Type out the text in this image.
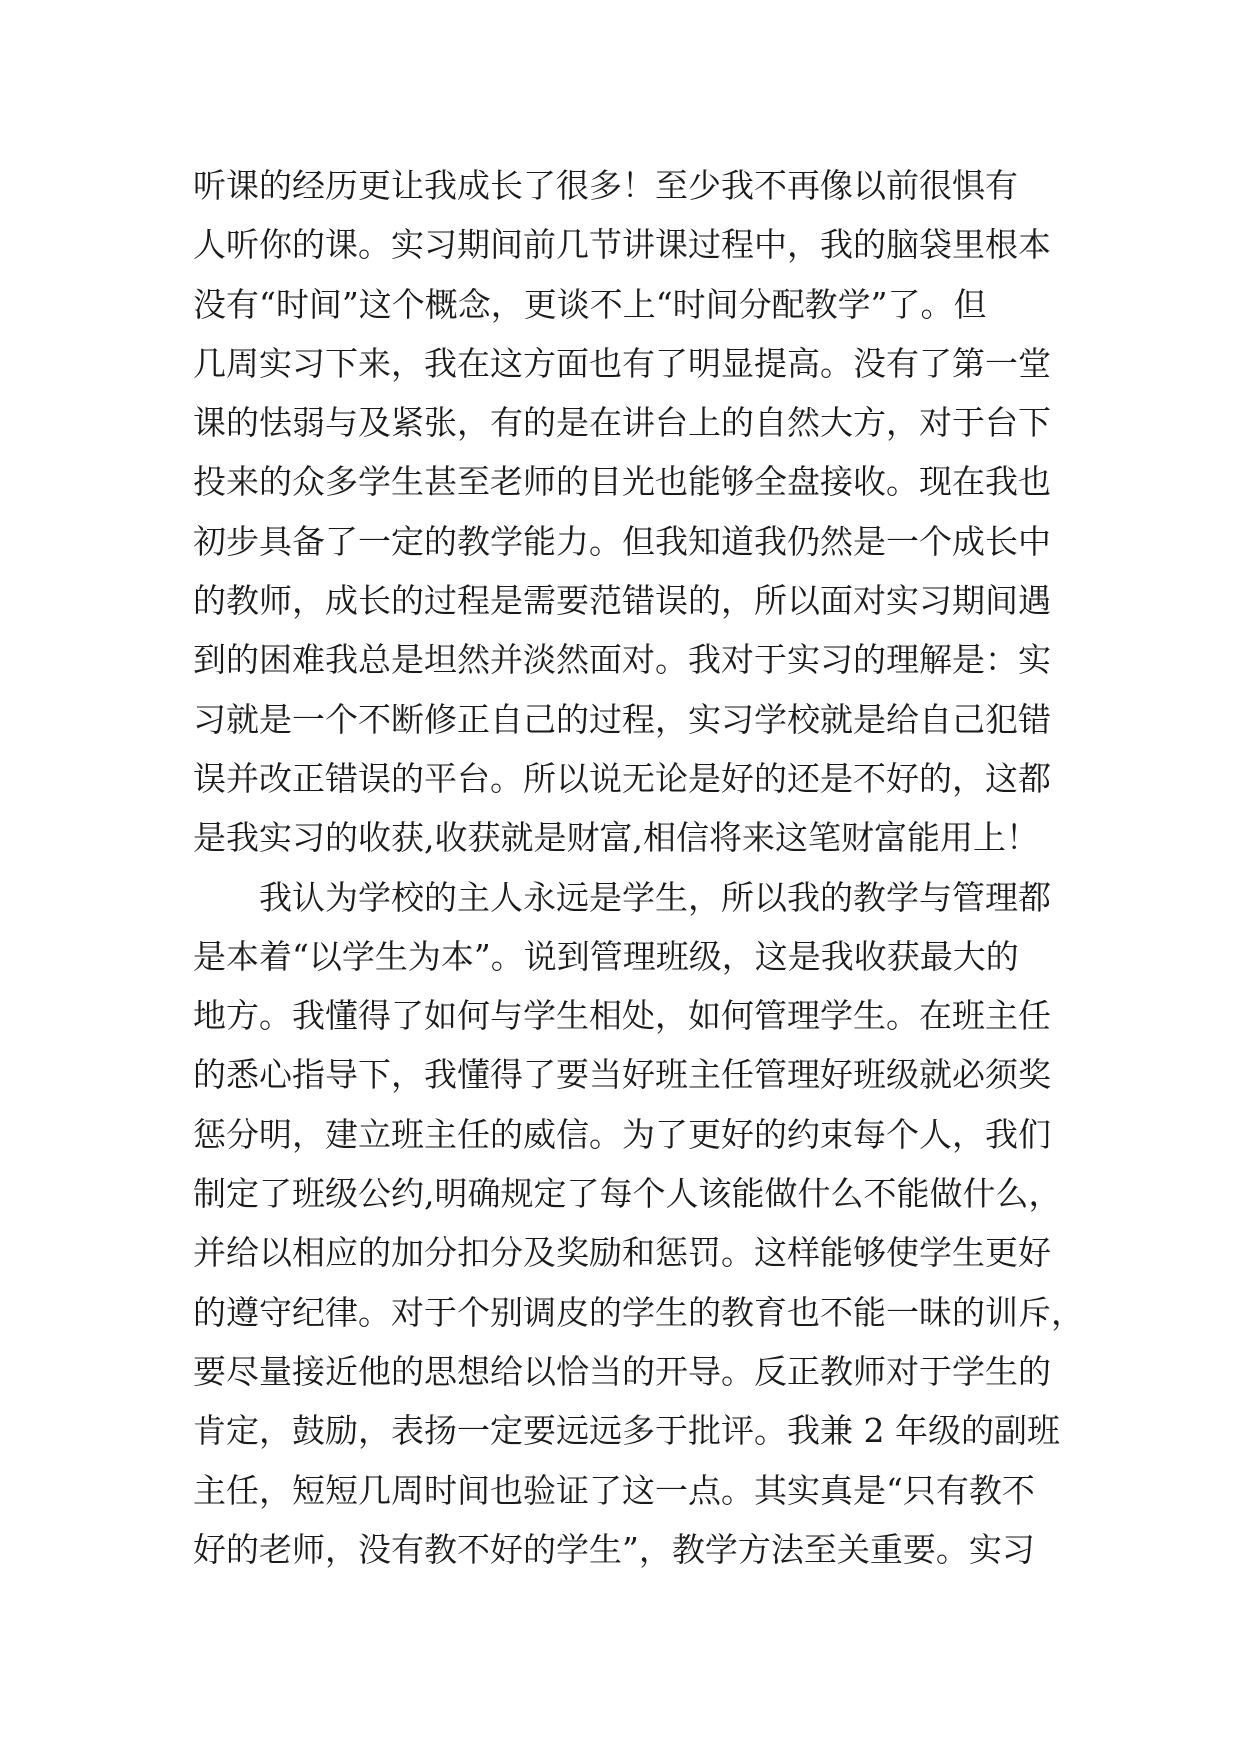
听课的经历更让我成长了很多！至少我不再像以前很惧有
人听你的课。实习期间前几节讲课过程中，我的脑袋里根本
没有“时间”这个概念，更谈不上“时间分配教学”了。但
几周实习下来，我在这方面也有了明显提高。没有了第一堂
课的怯弱与及紧张，有的是在讲台上的自然大方，对于台下
投来的众多学生甚至老师的目光也能够全盘接收。现在我也
初步具备了一定的教学能力。但我知道我仍然是一个成长中
的教师，成长的过程是需要范错误的，所以面对实习期间遇
到的困难我总是坦然并淡然面对。我对于实习的理解是：实
习就是一个不断修正自己的过程，实习学校就是给自己犯错
误并改正错误的平台。所以说无论是好的还是不好的，这都
是我实习的收获,收获就是财富,相信将来这笔财富能用上！
我认为学校的主人永远是学生，所以我的教学与管理都
是本着“以学生为本”。说到管理班级，这是我收获最大的
地方。我懂得了如何与学生相处，如何管理学生。在班主任
的悉心指导下，我懂得了要当好班主任管理好班级就必须奖
惩分明，建立班主任的威信。为了更好的约束每个人，我们
制定了班级公约,明确规定了每个人该能做什么不能做什么，
并给以相应的加分扣分及奖励和惩罚。这样能够使学生更好
的遵守纪律。对于个别调皮的学生的教育也不能一昧的训斥，
要尽量接近他的思想给以恰当的开导。反正教师对于学生的
肯定，鼓励，表扬一定要远远多于批评。我兼 2 年级的副班
主任，短短几周时间也验证了这一点。其实真是“只有教不
好的老师，没有教不好的学生”，教学方法至关重要。实习
